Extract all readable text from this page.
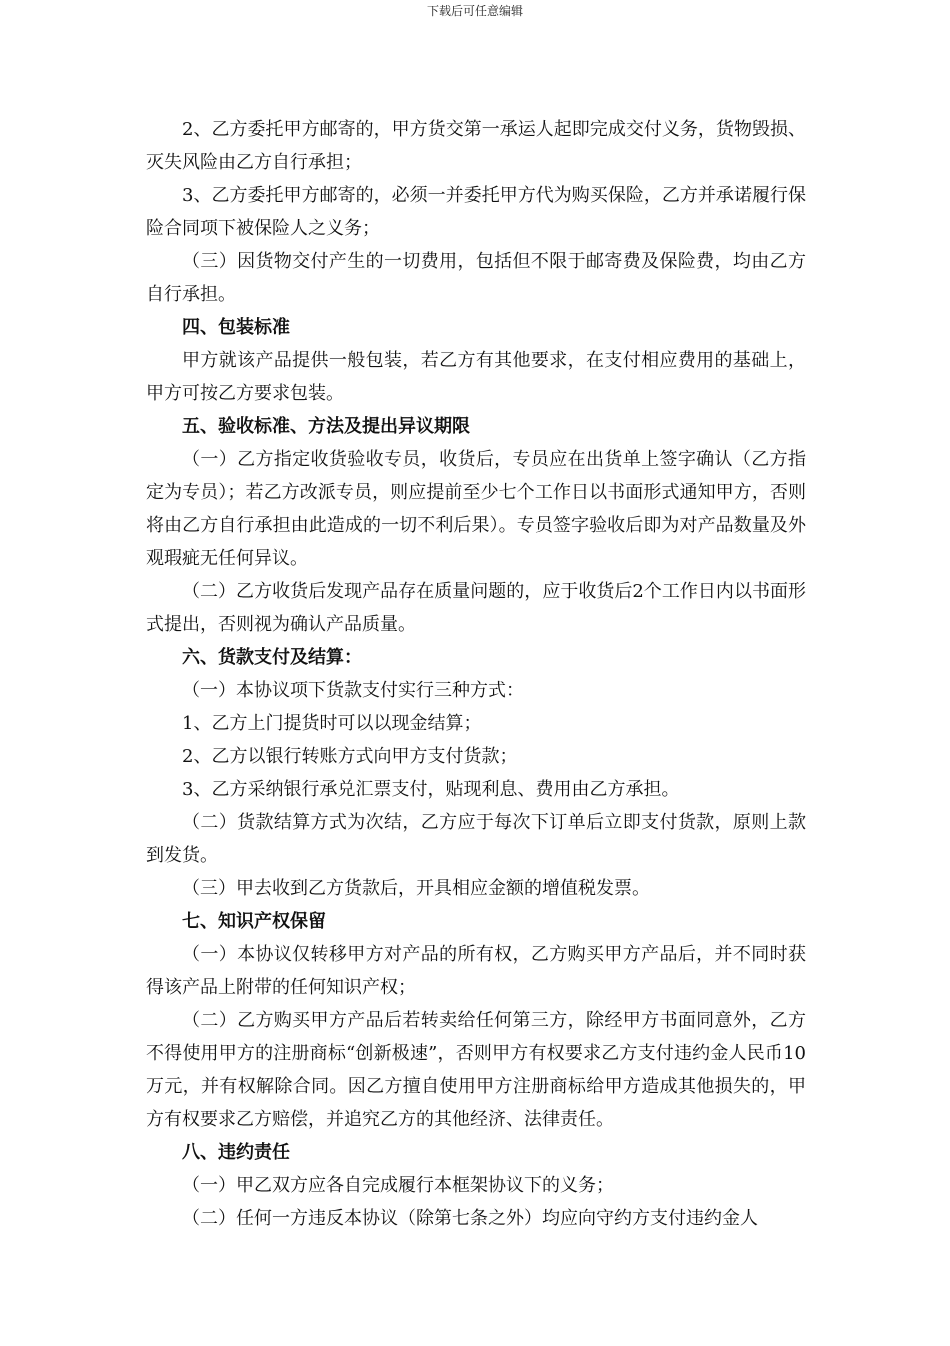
下载后可任意编辑

2、乙方委托甲方邮寄的，甲方货交第一承运人起即完成交付义务，货物毁损、灭失风险由乙方自行承担；

3、乙方委托甲方邮寄的，必须一并委托甲方代为购买保险，乙方并承诺履行保险合同项下被保险人之义务；

（三）因货物交付产生的一切费用，包括但不限于邮寄费及保险费，均由乙方自行承担。

四、包装标准

甲方就该产品提供一般包装，若乙方有其他要求，在支付相应费用的基础上，甲方可按乙方要求包装。

五、验收标准、方法及提出异议期限

（一）乙方指定收货验收专员，收货后，专员应在出货单上签字确认（乙方指定为专员）；若乙方改派专员，则应提前至少七个工作日以书面形式通知甲方，否则将由乙方自行承担由此造成的一切不利后果）。专员签字验收后即为对产品数量及外观瑕疵无任何异议。

（二）乙方收货后发现产品存在质量问题的，应于收货后2个工作日内以书面形式提出，否则视为确认产品质量。

六、货款支付及结算：

（一）本协议项下货款支付实行三种方式：

1、乙方上门提货时可以以现金结算；

2、乙方以银行转账方式向甲方支付货款；

3、乙方采纳银行承兑汇票支付，贴现利息、费用由乙方承担。

（二）货款结算方式为次结，乙方应于每次下订单后立即支付货款，原则上款到发货。

（三）甲去收到乙方货款后，开具相应金额的增值税发票。

七、知识产权保留

（一）本协议仅转移甲方对产品的所有权，乙方购买甲方产品后，并不同时获得该产品上附带的任何知识产权；

（二）乙方购买甲方产品后若转卖给任何第三方，除经甲方书面同意外，乙方不得使用甲方的注册商标“创新极速”，否则甲方有权要求乙方支付违约金人民币10万元，并有权解除合同。因乙方擅自使用甲方注册商标给甲方造成其他损失的，甲方有权要求乙方赔偿，并追究乙方的其他经济、法律责任。

八、违约责任

（一）甲乙双方应各自完成履行本框架协议下的义务；

（二）任何一方违反本协议（除第七条之外）均应向守约方支付违约金人
